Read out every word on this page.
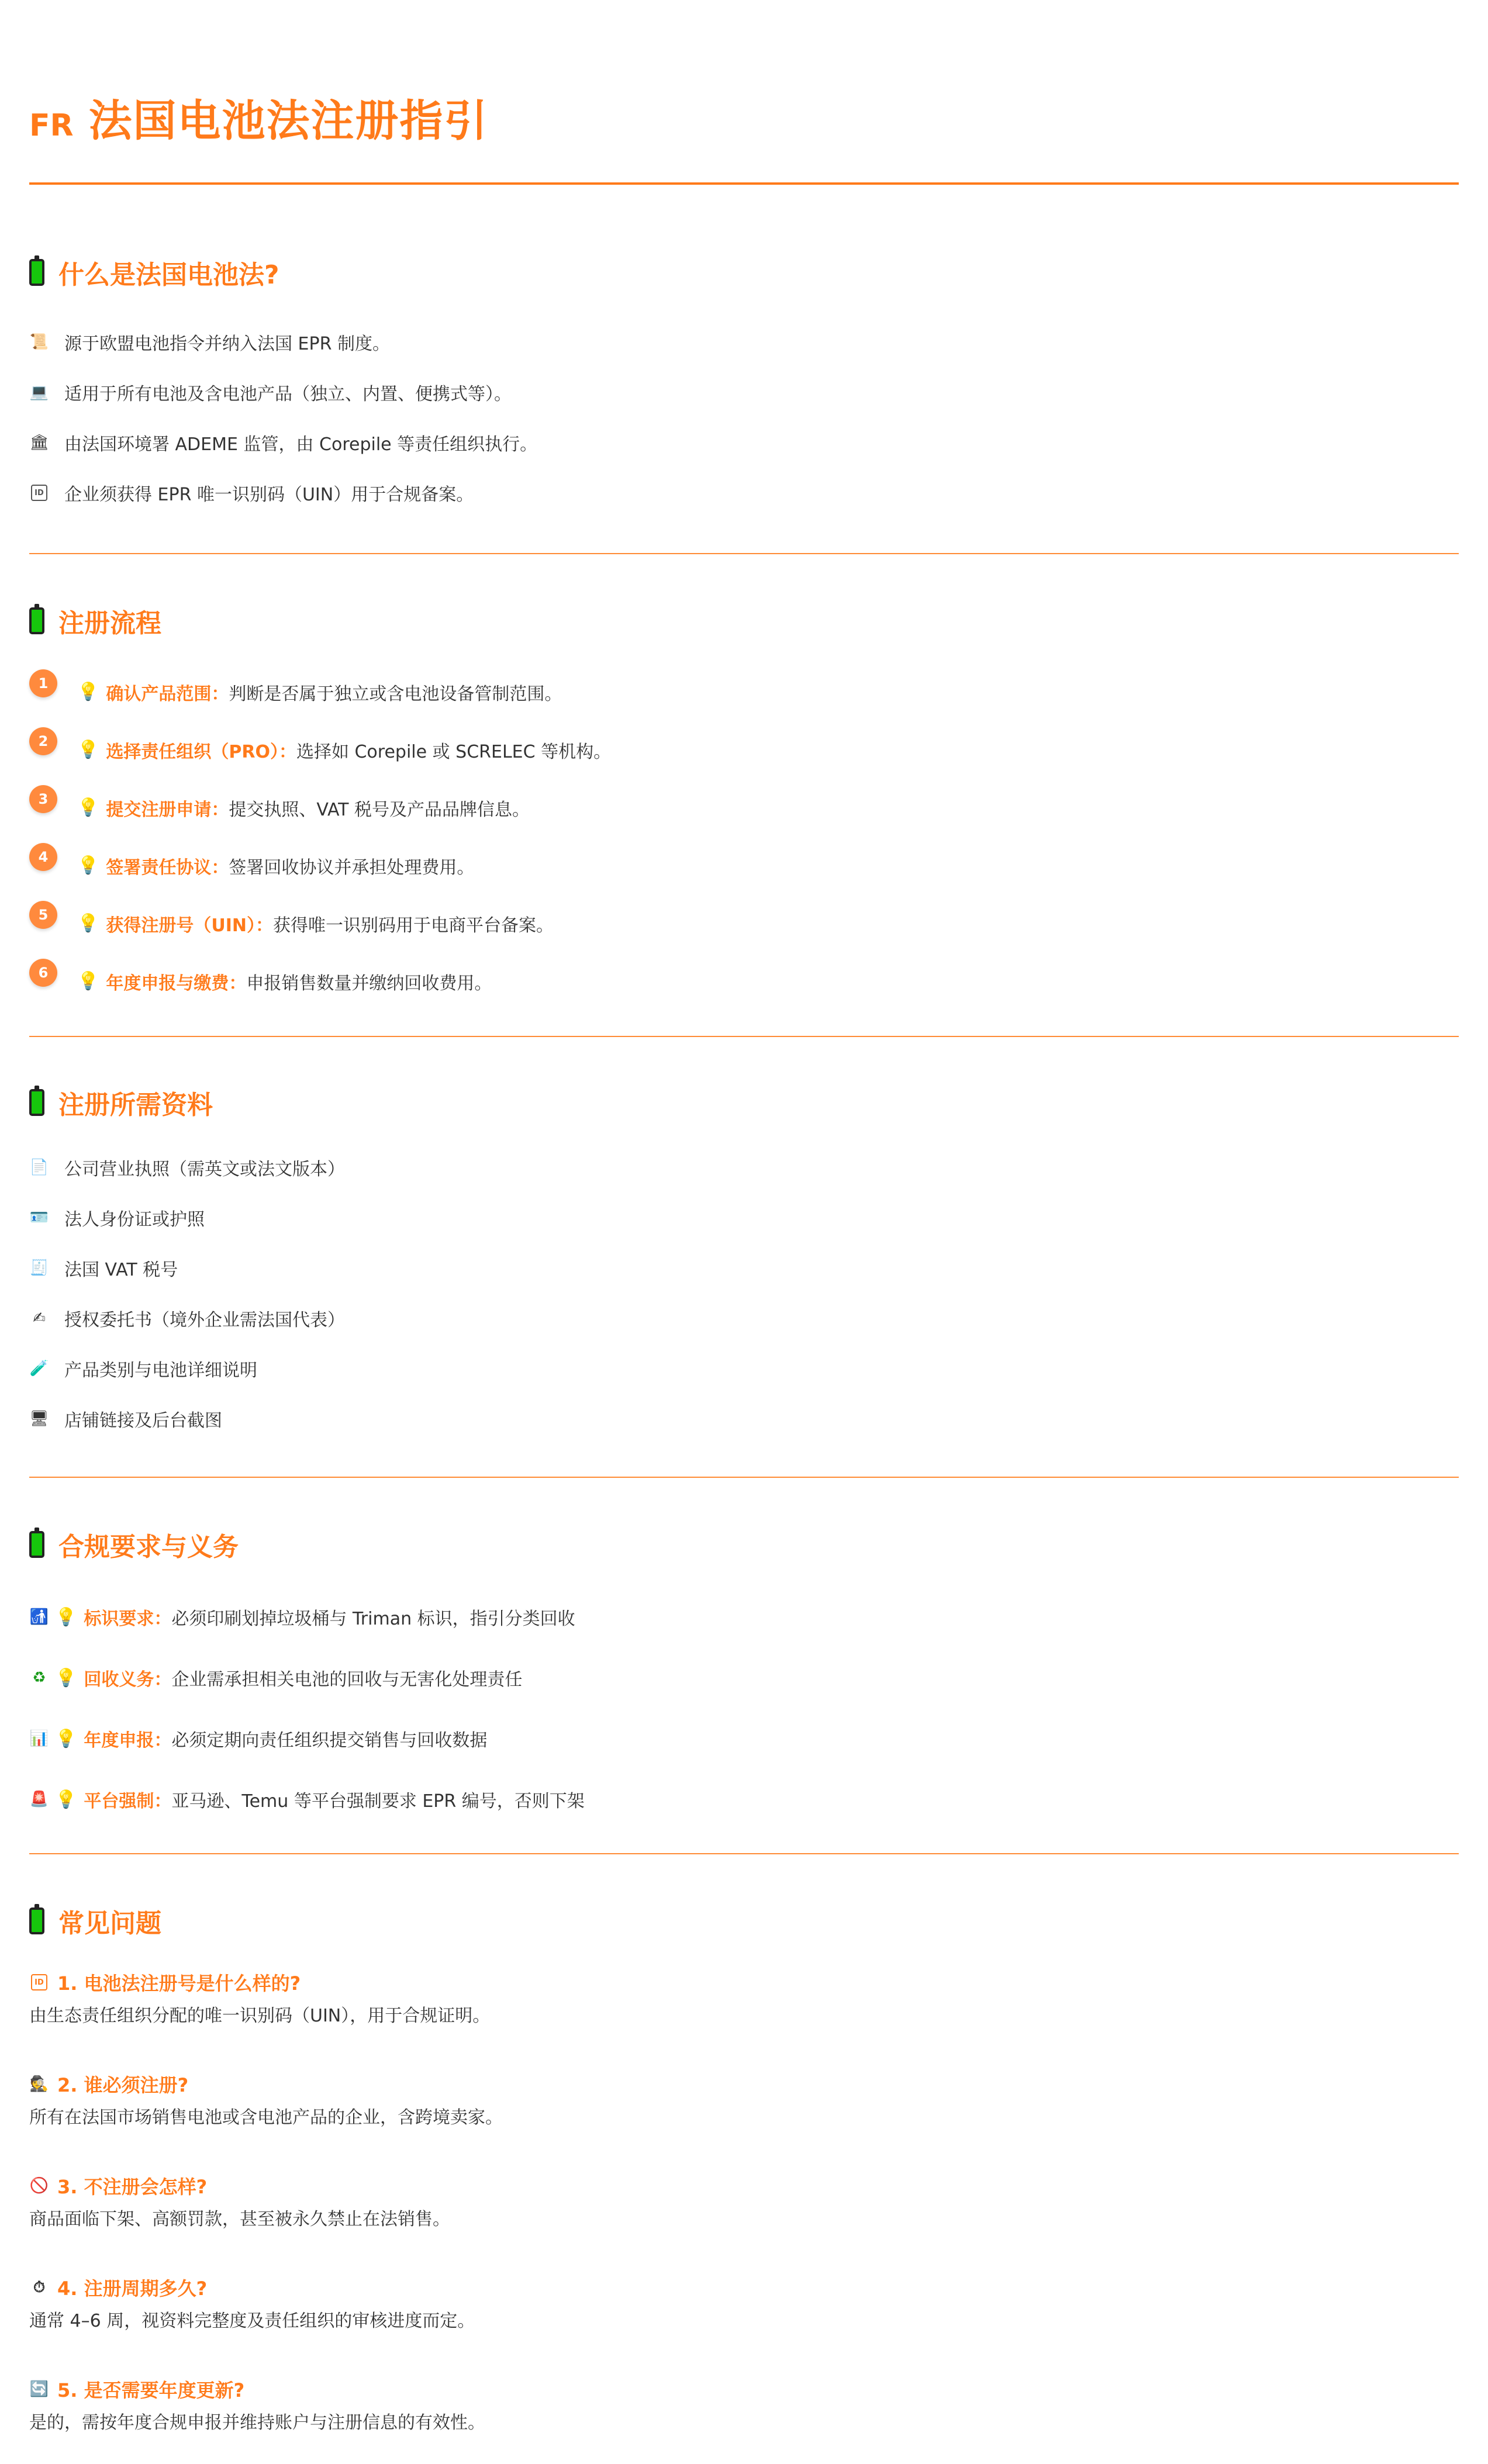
FR 法国电池法注册指引
什么是法国电池法?
📜 源于欧盟电池指令并纳入法国 EPR 制度。
💻 适用于所有电池及含电池产品（独立、内置、便携式等）。
🏛 由法国环境署 ADEME 监管，由 Corepile 等责任组织执行。
ID 企业须获得 EPR 唯一识别码（UIN）用于合规备案。
注册流程
1	💡 确认产品范围： 判断是否属于独立或含电池设备管制范围。
2	💡 选择责任组织（PRO）： 选择如 Corepile 或 SCRELEC 等机构。
3	💡 提交注册申请： 提交执照、VAT 税号及产品品牌信息。
4	💡 签署责任协议： 签署回收协议并承担处理费用。
5	💡 获得注册号（UIN）： 获得唯一识别码用于电商平台备案。
6	💡 年度申报与缴费： 申报销售数量并缴纳回收费用。
注册所需资料
📄 公司营业执照（需英文或法文版本）
🪪 法人身份证或护照
🧾 法国 VAT 税号
✍ 授权委托书（境外企业需法国代表）
🧪 产品类别与电池详细说明
🖥 店铺链接及后台截图
合规要求与义务
🚮 💡 标识要求： 必须印刷划掉垃圾桶与 Triman 标识，指引分类回收
♻ 💡 回收义务： 企业需承担相关电池的回收与无害化处理责任
📊 💡 年度申报： 必须定期向责任组织提交销售与回收数据
🚨 💡 平台强制： 亚马逊、Temu 等平台强制要求 EPR 编号，否则下架
常见问题
ID 1. 电池法注册号是什么样的?
由生态责任组织分配的唯一识别码（UIN），用于合规证明。
🕵 2. 谁必须注册?
所有在法国市场销售电池或含电池产品的企业，含跨境卖家。
🚫 3. 不注册会怎样?
商品面临下架、高额罚款，甚至被永久禁止在法销售。
⏱ 4. 注册周期多久?
通常 4–6 周，视资料完整度及责任组织的审核进度而定。
🔄 5. 是否需要年度更新?
是的，需按年度合规申报并维持账户与注册信息的有效性。
